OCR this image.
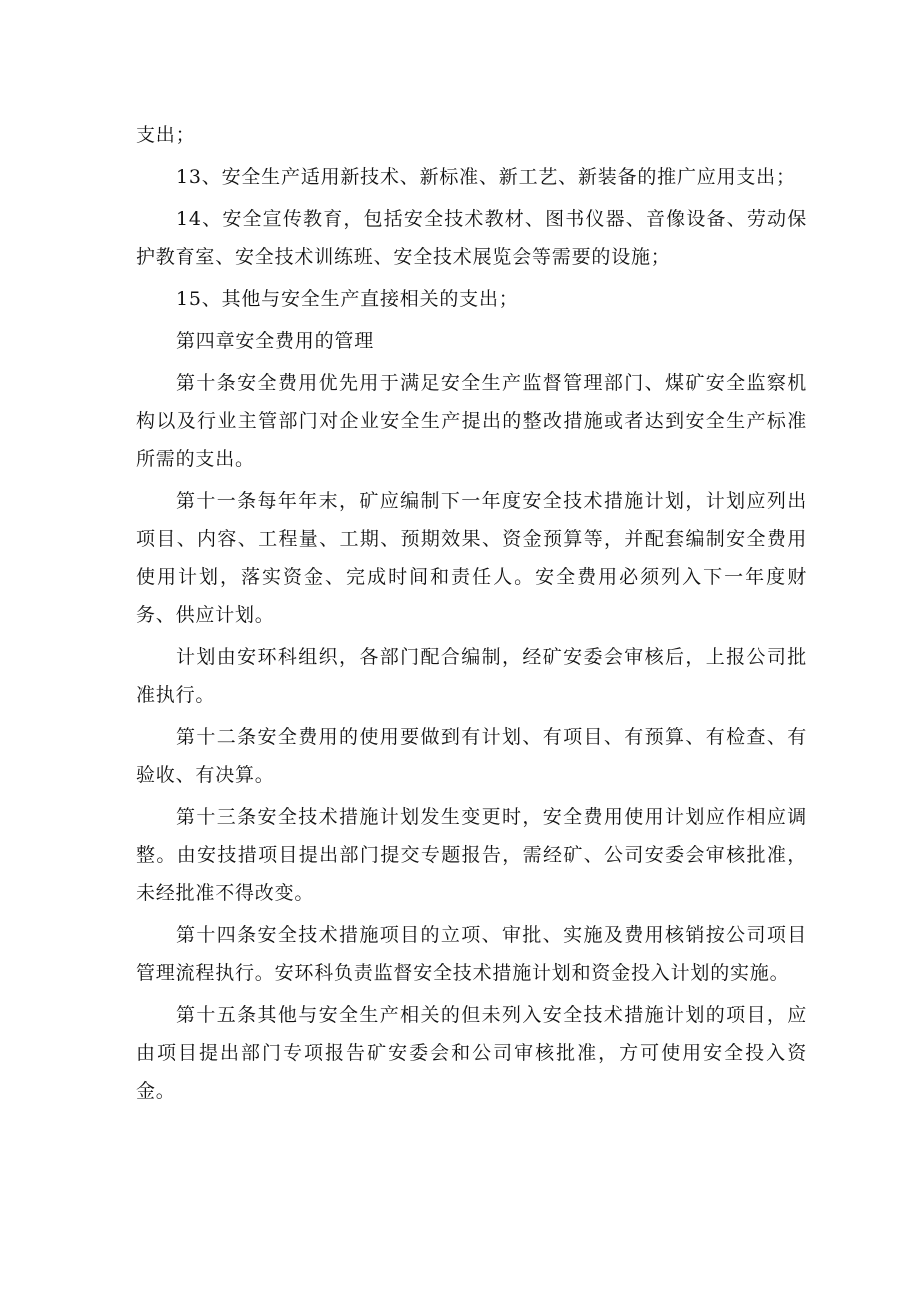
支出；

13、安全生产适用新技术、新标准、新工艺、新装备的推广应用支出；

14、安全宣传教育，包括安全技术教材、图书仪器、音像设备、劳动保护教育室、安全技术训练班、安全技术展览会等需要的设施；

15、其他与安全生产直接相关的支出；

第四章安全费用的管理

第十条安全费用优先用于满足安全生产监督管理部门、煤矿安全监察机构以及行业主管部门对企业安全生产提出的整改措施或者达到安全生产标准所需的支出。

第十一条每年年末，矿应编制下一年度安全技术措施计划，计划应列出项目、内容、工程量、工期、预期效果、资金预算等，并配套编制安全费用使用计划，落实资金、完成时间和责任人。安全费用必须列入下一年度财务、供应计划。

计划由安环科组织，各部门配合编制，经矿安委会审核后，上报公司批准执行。

第十二条安全费用的使用要做到有计划、有项目、有预算、有检查、有验收、有决算。

第十三条安全技术措施计划发生变更时，安全费用使用计划应作相应调整。由安技措项目提出部门提交专题报告，需经矿、公司安委会审核批准，未经批准不得改变。

第十四条安全技术措施项目的立项、审批、实施及费用核销按公司项目管理流程执行。安环科负责监督安全技术措施计划和资金投入计划的实施。

第十五条其他与安全生产相关的但未列入安全技术措施计划的项目，应由项目提出部门专项报告矿安委会和公司审核批准，方可使用安全投入资金。
